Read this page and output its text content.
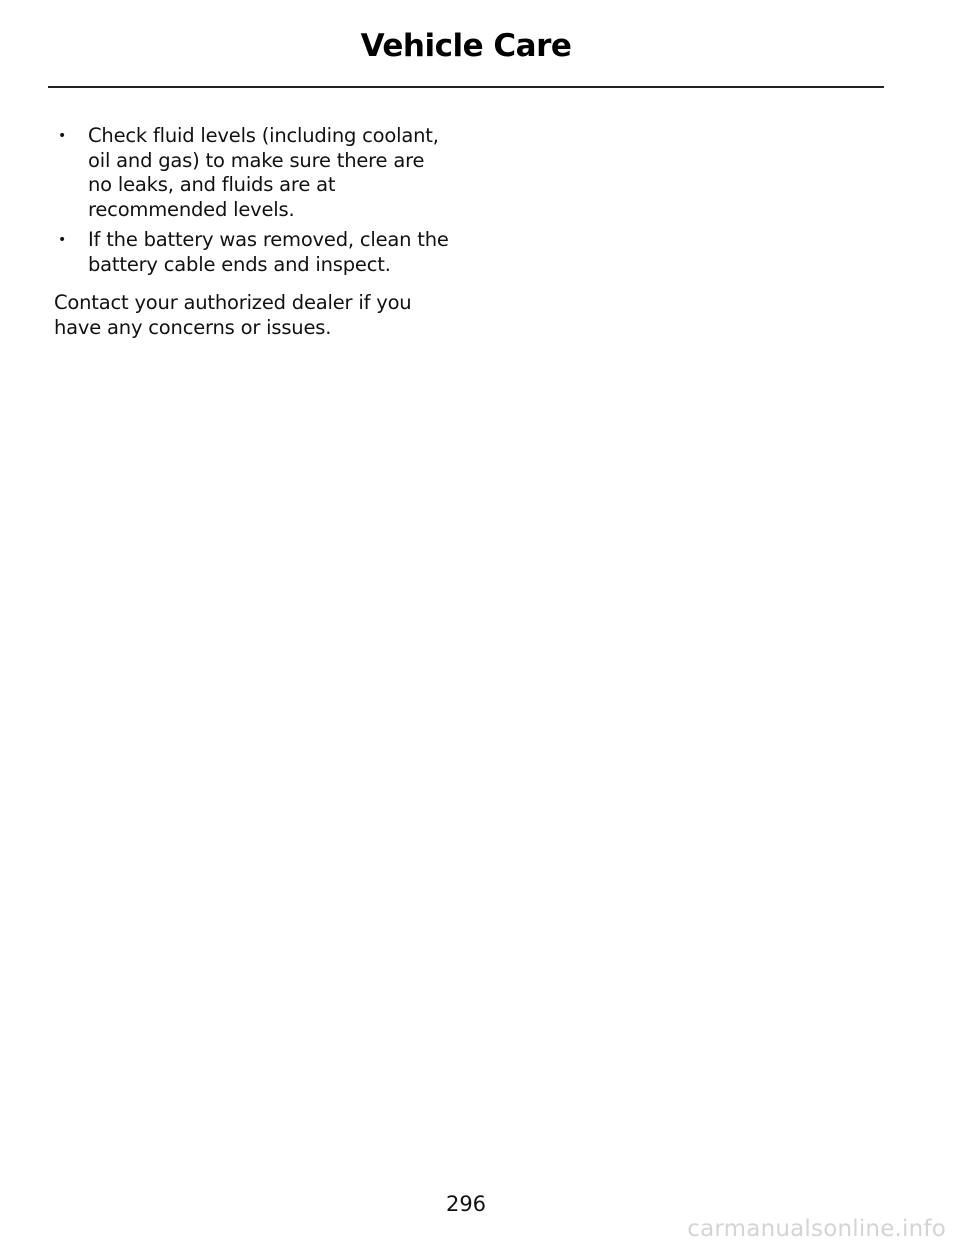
Vehicle Care
• Check fluid levels (including coolant, oil and gas) to make sure there are no leaks, and fluids are at recommended levels.
• If the battery was removed, clean the battery cable ends and inspect.

Contact your authorized dealer if you have any concerns or issues.

296
carmanualsonline.info
